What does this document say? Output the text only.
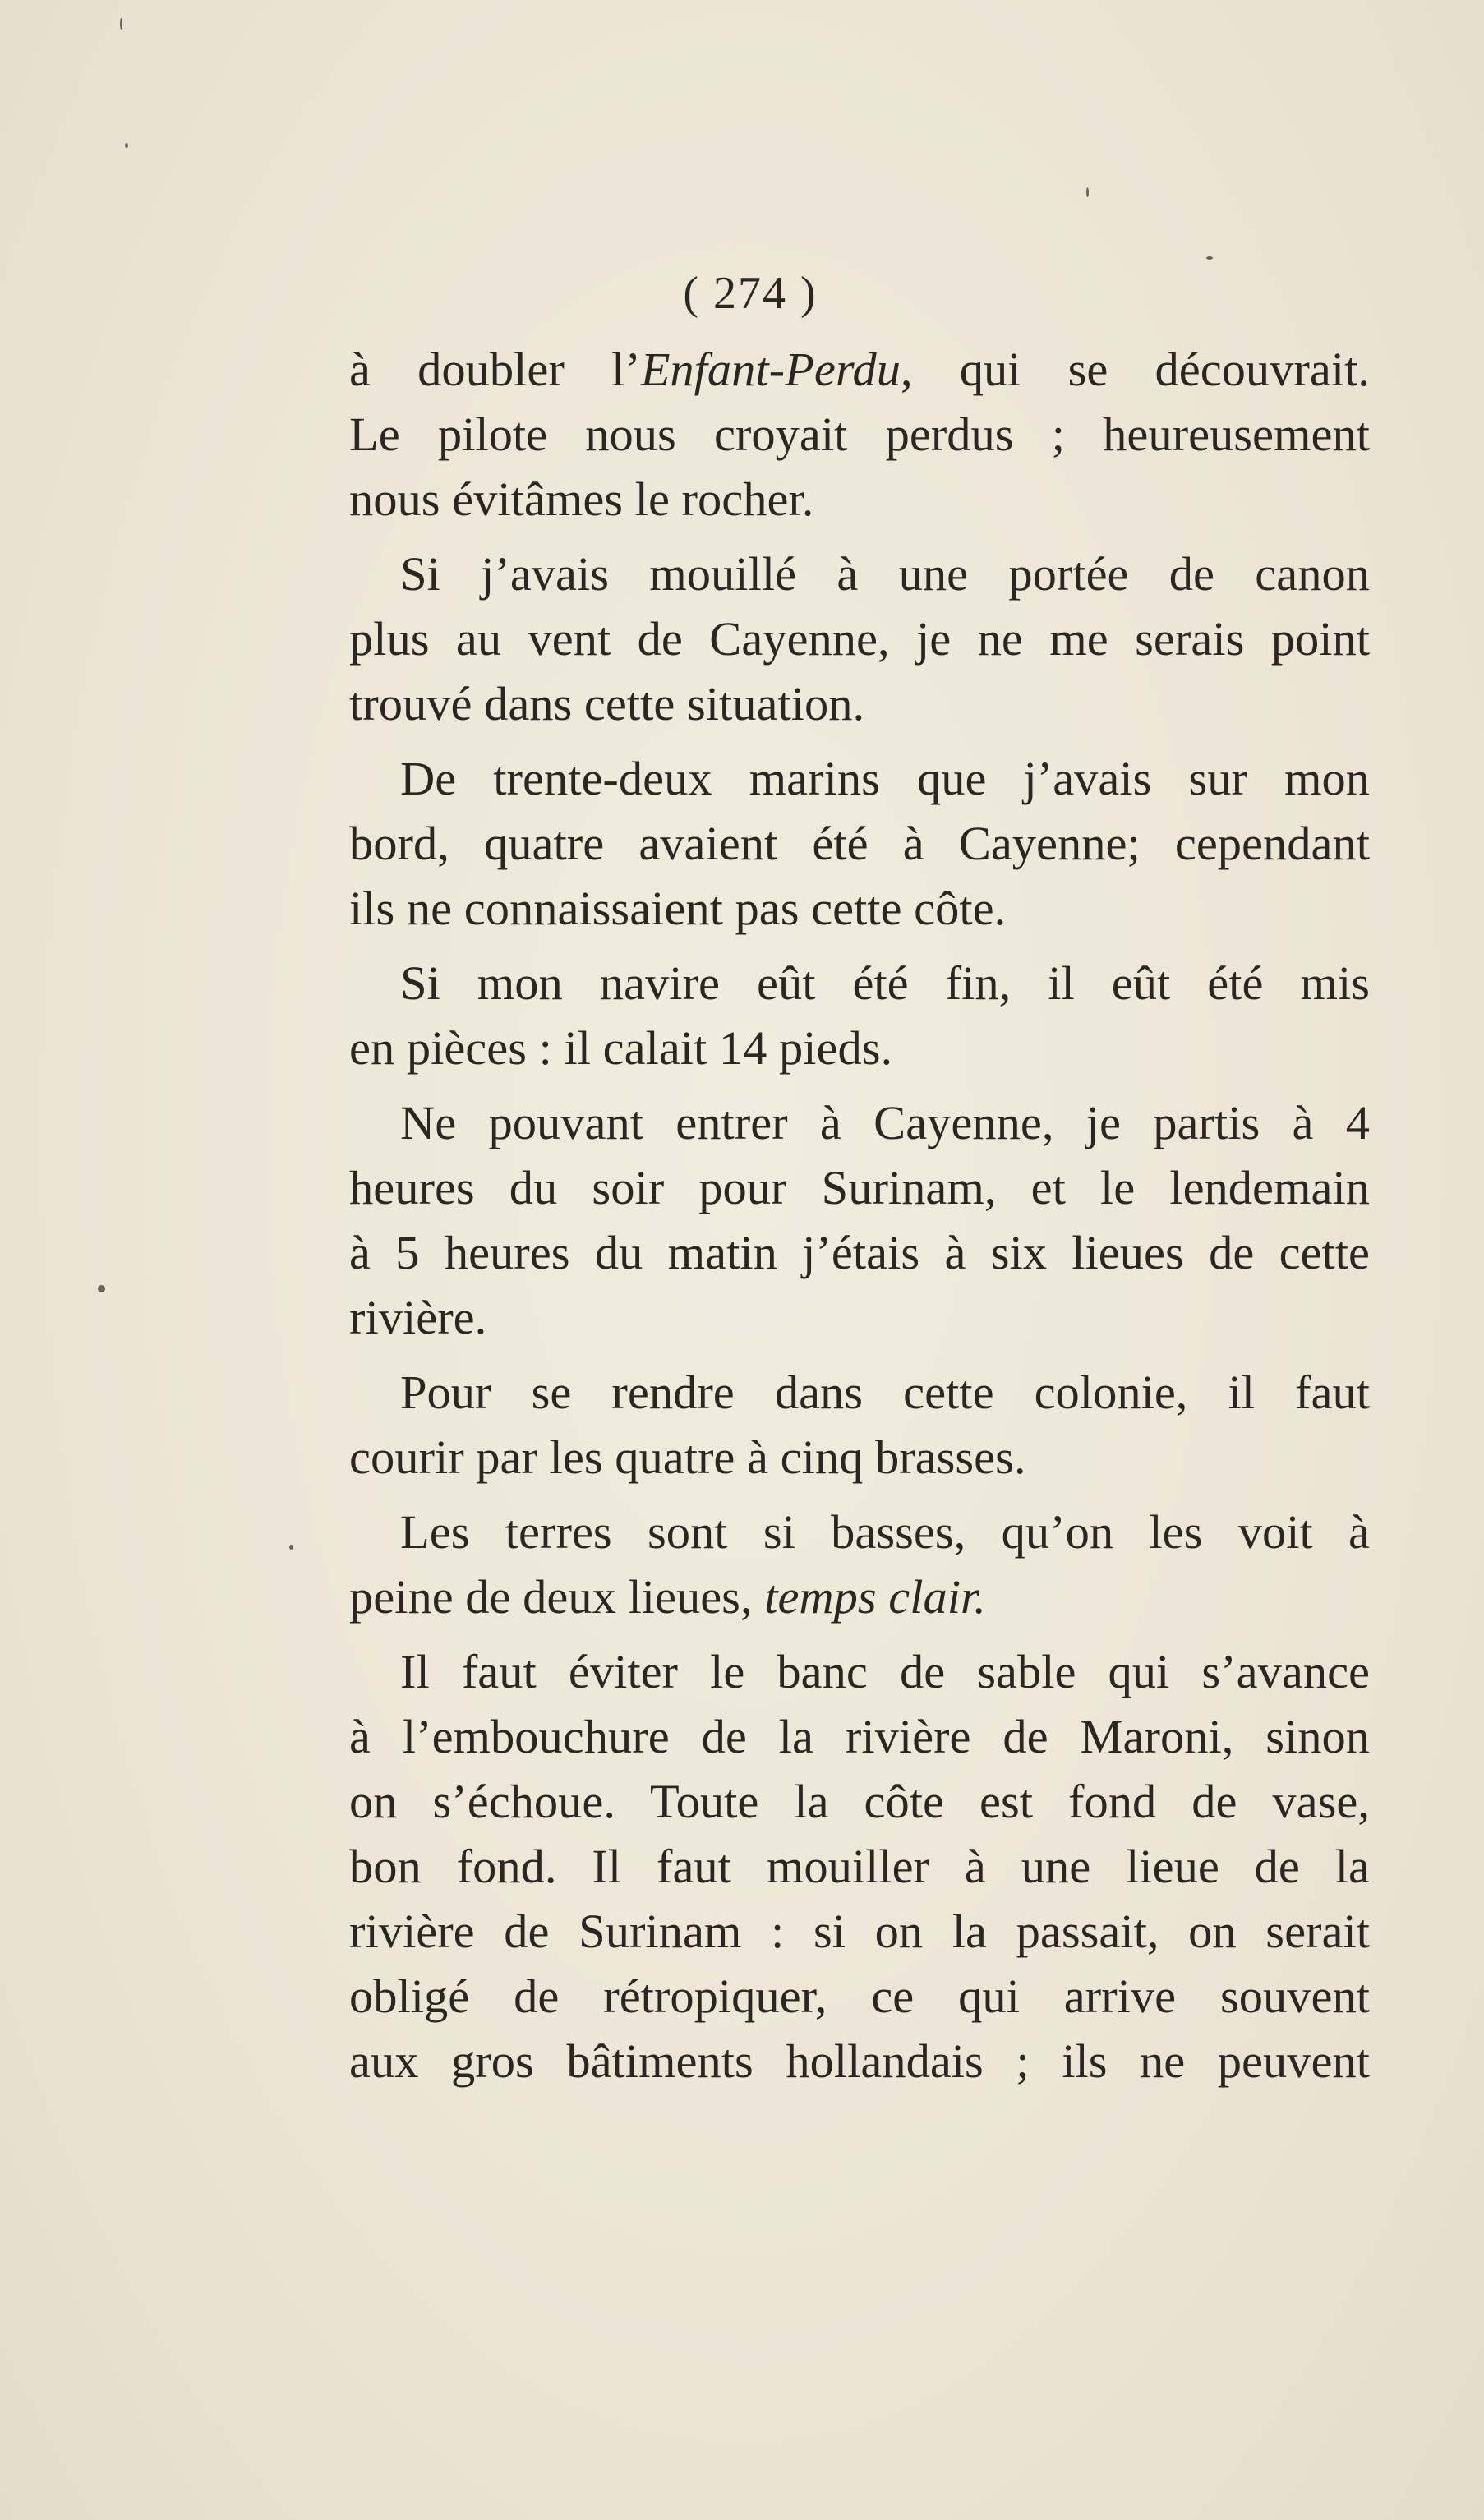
( 274 )
à doubler l’Enfant-Perdu, qui se découvrait.
Le pilote nous croyait perdus ; heureusement
nous évitâmes le rocher.
Si j’avais mouillé à une portée de canon
plus au vent de Cayenne, je ne me serais point
trouvé dans cette situation.
De trente-deux marins que j’avais sur mon
bord, quatre avaient été à Cayenne; cependant
ils ne connaissaient pas cette côte.
Si mon navire eût été fin, il eût été mis
en pièces : il calait 14 pieds.
Ne pouvant entrer à Cayenne, je partis à 4
heures du soir pour Surinam, et le lendemain
à 5 heures du matin j’étais à six lieues de cette
rivière.
Pour se rendre dans cette colonie, il faut
courir par les quatre à cinq brasses.
Les terres sont si basses, qu’on les voit à
peine de deux lieues, temps clair.
Il faut éviter le banc de sable qui s’avance
à l’embouchure de la rivière de Maroni, sinon
on s’échoue. Toute la côte est fond de vase,
bon fond. Il faut mouiller à une lieue de la
rivière de Surinam : si on la passait, on serait
obligé de rétropiquer, ce qui arrive souvent
aux gros bâtiments hollandais ; ils ne peuvent
